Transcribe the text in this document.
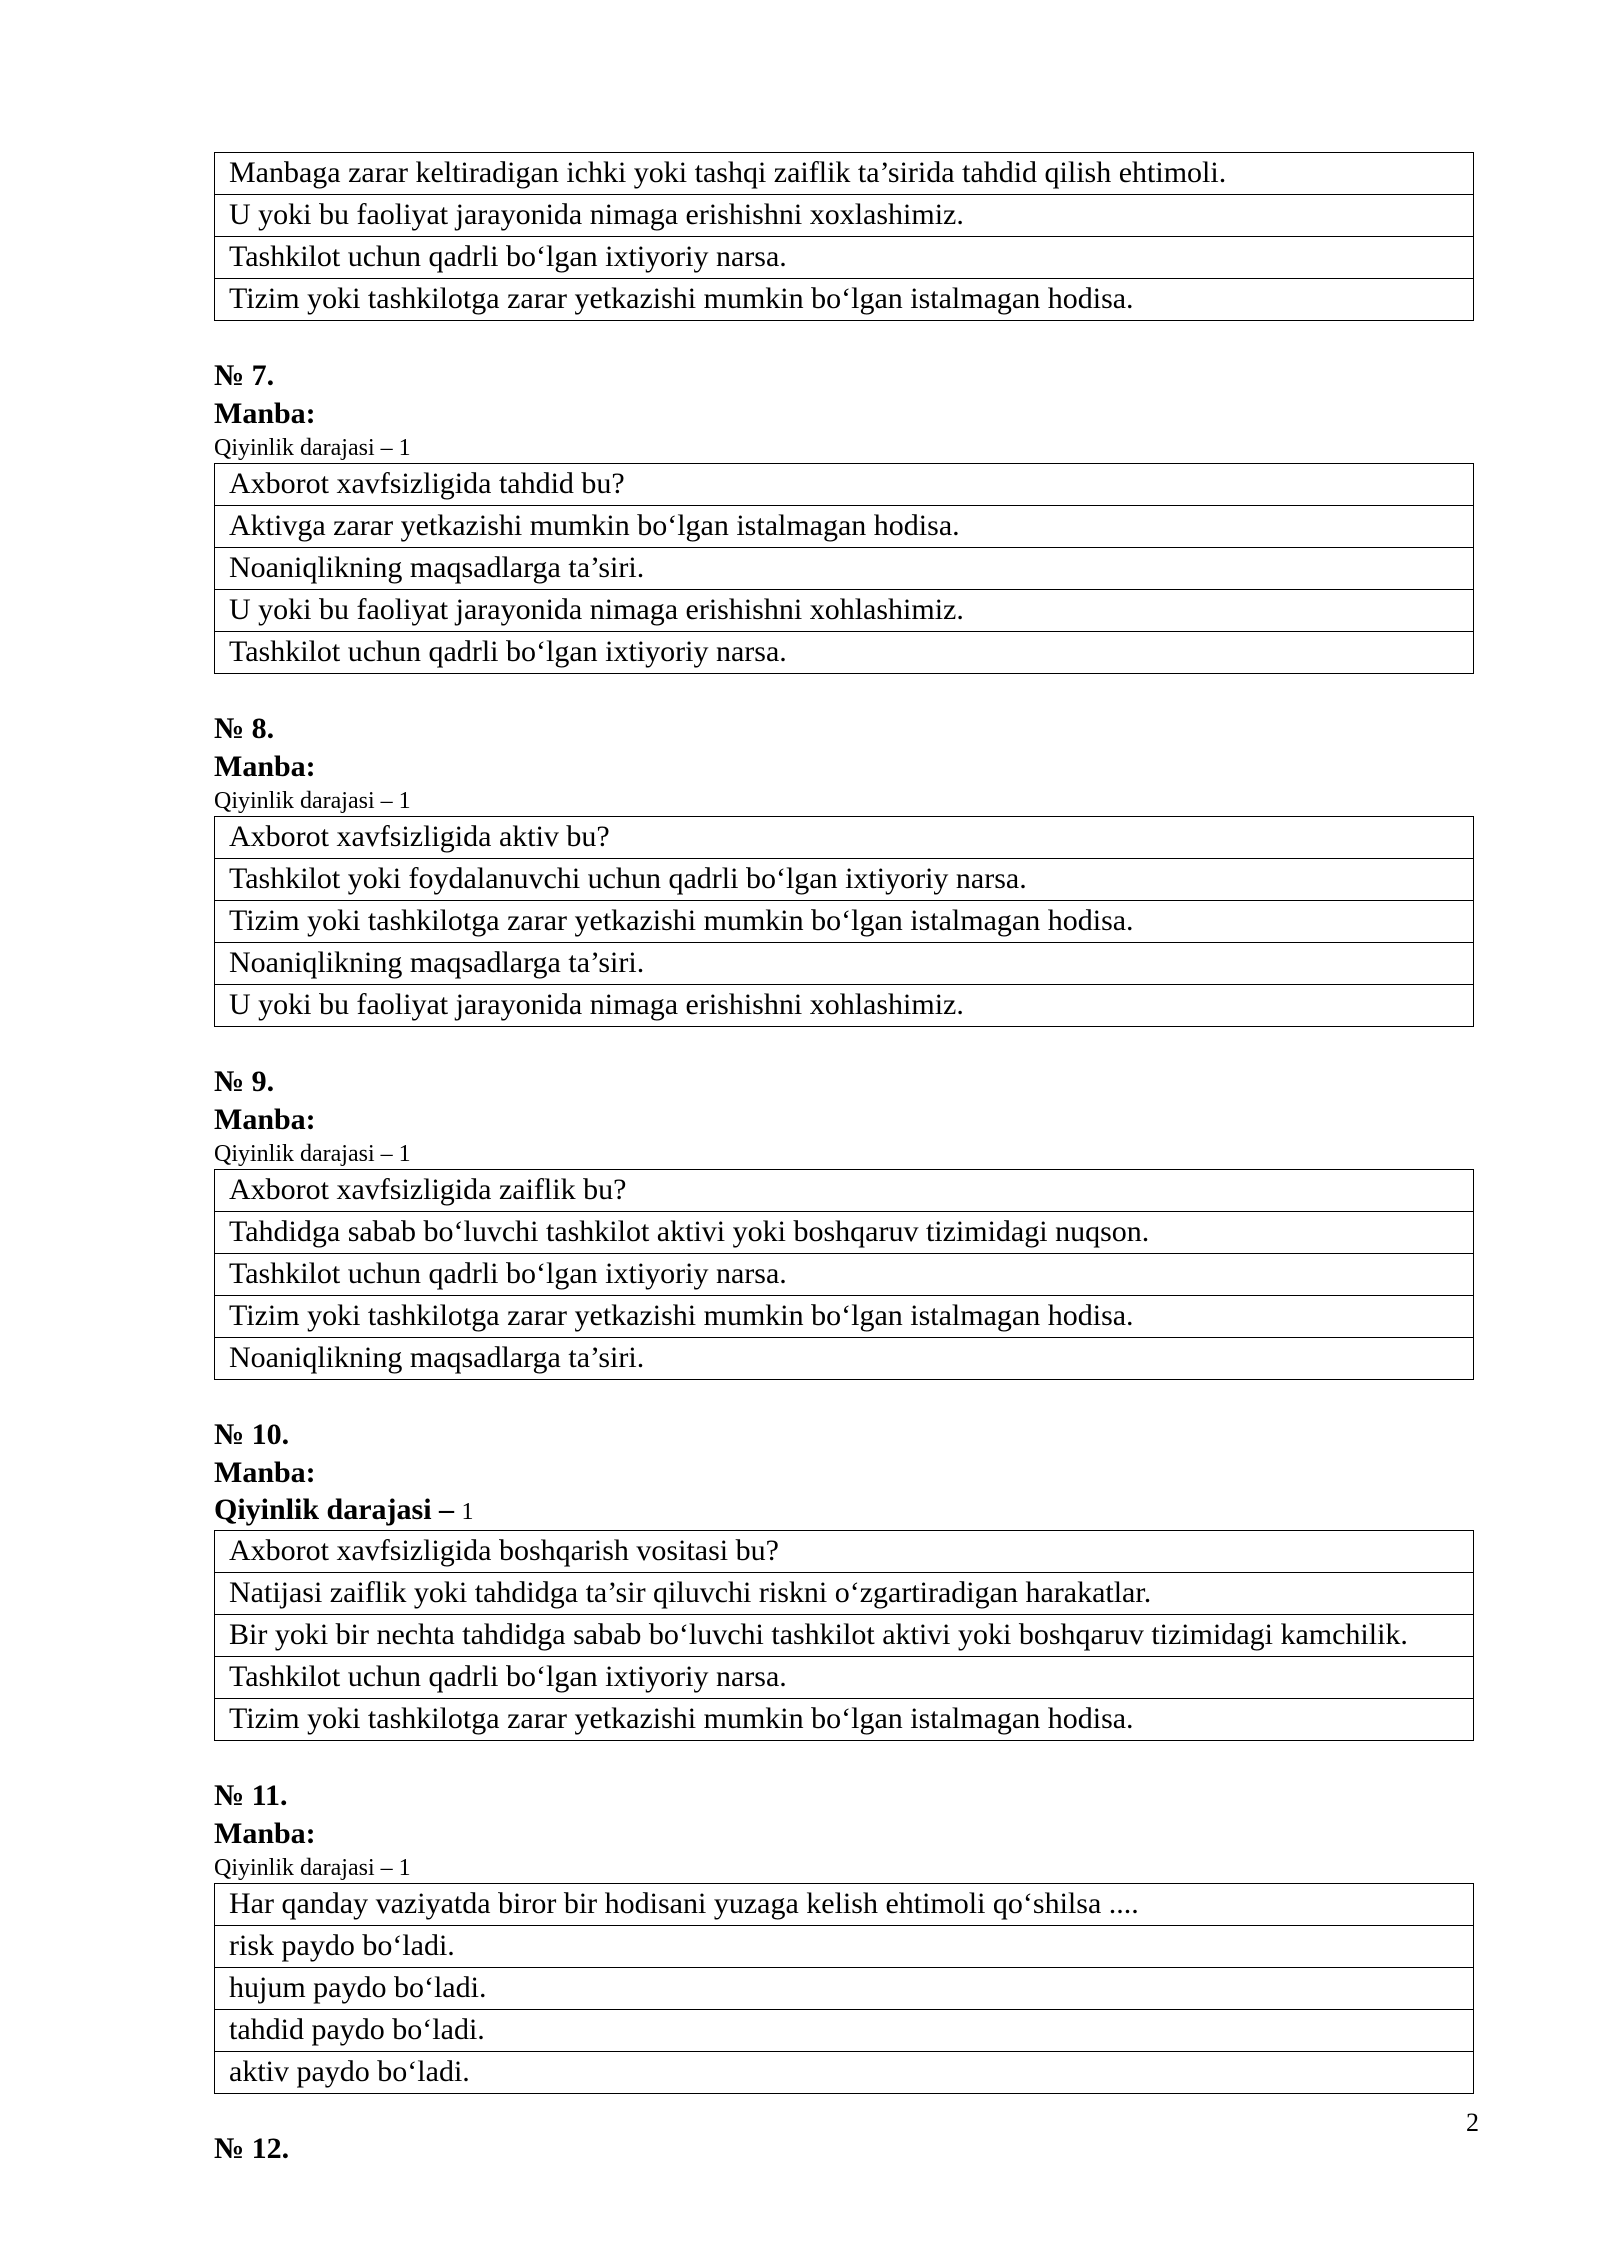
Manbaga zarar keltiradigan ichki yoki tashqi zaiflik ta’sirida tahdid qilish ehtimoli.
U yoki bu faoliyat jarayonida nimaga erishishni xoxlashimiz.
Tashkilot uchun qadrli bo‘lgan ixtiyoriy narsa.
Tizim yoki tashkilotga zarar yetkazishi mumkin bo‘lgan istalmagan hodisa.
№ 7.
Manba:
Qiyinlik darajasi – 1
Axborot xavfsizligida tahdid bu?
Aktivga zarar yetkazishi mumkin bo‘lgan istalmagan hodisa.
Noaniqlikning maqsadlarga ta’siri.
U yoki bu faoliyat jarayonida nimaga erishishni xohlashimiz.
Tashkilot uchun qadrli bo‘lgan ixtiyoriy narsa.
№ 8.
Manba:
Qiyinlik darajasi – 1
Axborot xavfsizligida aktiv bu?
Tashkilot yoki foydalanuvchi uchun qadrli bo‘lgan ixtiyoriy narsa.
Tizim yoki tashkilotga zarar yetkazishi mumkin bo‘lgan istalmagan hodisa.
Noaniqlikning maqsadlarga ta’siri.
U yoki bu faoliyat jarayonida nimaga erishishni xohlashimiz.
№ 9.
Manba:
Qiyinlik darajasi – 1
Axborot xavfsizligida zaiflik bu?
Tahdidga sabab bo‘luvchi tashkilot aktivi yoki boshqaruv tizimidagi nuqson.
Tashkilot uchun qadrli bo‘lgan ixtiyoriy narsa.
Tizim yoki tashkilotga zarar yetkazishi mumkin bo‘lgan istalmagan hodisa.
Noaniqlikning maqsadlarga ta’siri.
№ 10.
Manba:
Qiyinlik darajasi – 1
Axborot xavfsizligida boshqarish vositasi bu?
Natijasi zaiflik yoki tahdidga ta’sir qiluvchi riskni o‘zgartiradigan harakatlar.
Bir yoki bir nechta tahdidga sabab bo‘luvchi tashkilot aktivi yoki boshqaruv tizimidagi kamchilik.
Tashkilot uchun qadrli bo‘lgan ixtiyoriy narsa.
Tizim yoki tashkilotga zarar yetkazishi mumkin bo‘lgan istalmagan hodisa.
№ 11.
Manba:
Qiyinlik darajasi – 1
Har qanday vaziyatda biror bir hodisani yuzaga kelish ehtimoli qo‘shilsa ....
risk paydo bo‘ladi.
hujum paydo bo‘ladi.
tahdid paydo bo‘ladi.
aktiv paydo bo‘ladi.
№ 12.
2
